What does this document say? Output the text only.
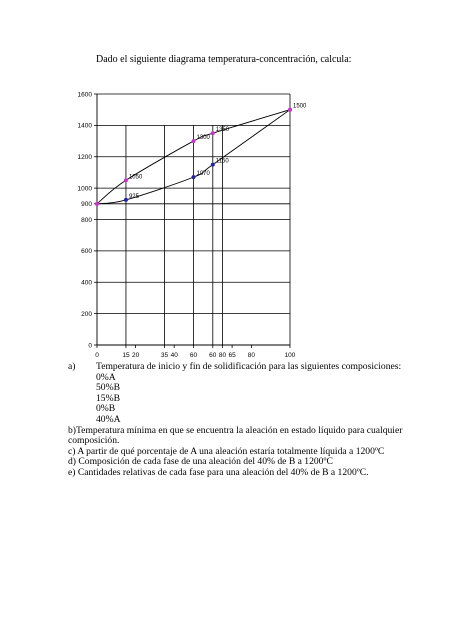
Dado el siguiente diagrama temperatura-concentración, calcula:
0
200
400
600
800
900
1000
1200
1400
1600
0	15 20	35 40 60 60 80 65 80	100
1050
925
1300
1350
1070
1150
1500
a) Temperatura de inicio y fin de solidificación para las siguientes composiciones:
0%A
50%B
15%B
0%B
40%A
b)Temperatura mínima en que se encuentra la aleación en estado líquido para cualquier composición.
c) A partir de qué porcentaje de A una aleación estaría totalmente líquida a 1200ºC
d) Composición de cada fase de una aleación del 40% de B a 1200ºC
e) Cantidades relativas de cada fase para una aleación del 40% de B a 1200ºC.
